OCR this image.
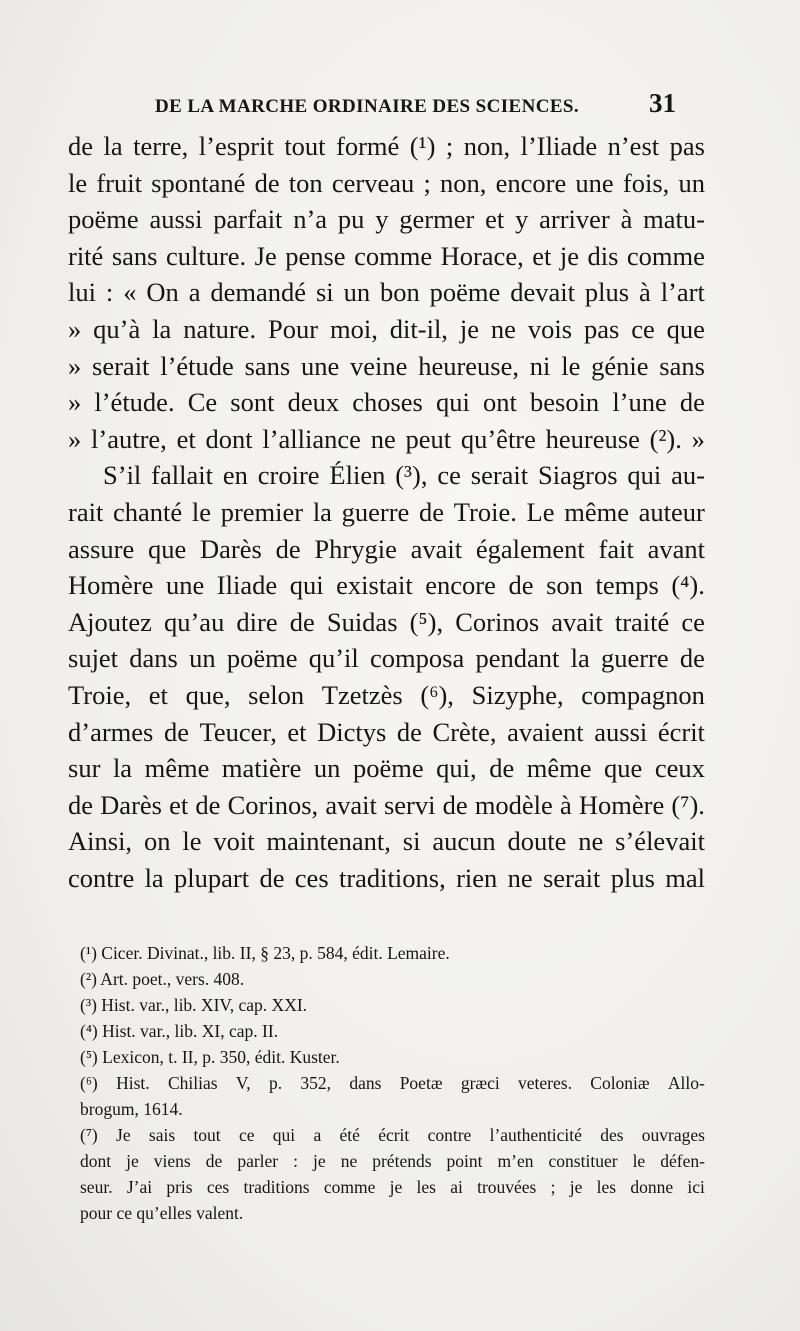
DE LA MARCHE ORDINAIRE DES SCIENCES.	31
de la terre, l’esprit tout formé (¹) ; non, l’Iliade n’est pas
le fruit spontané de ton cerveau ; non, encore une fois, un
poëme aussi parfait n’a pu y germer et y arriver à matu-
rité sans culture. Je pense comme Horace, et je dis comme
lui : « On a demandé si un bon poëme devait plus à l’art
» qu’à la nature. Pour moi, dit-il, je ne vois pas ce que
» serait l’étude sans une veine heureuse, ni le génie sans
» l’étude. Ce sont deux choses qui ont besoin l’une de
» l’autre, et dont l’alliance ne peut qu’être heureuse (²). »
S’il fallait en croire Élien (³), ce serait Siagros qui au-
rait chanté le premier la guerre de Troie. Le même auteur
assure que Darès de Phrygie avait également fait avant
Homère une Iliade qui existait encore de son temps (⁴).
Ajoutez qu’au dire de Suidas (⁵), Corinos avait traité ce
sujet dans un poëme qu’il composa pendant la guerre de
Troie, et que, selon Tzetzès (⁶), Sizyphe, compagnon
d’armes de Teucer, et Dictys de Crète, avaient aussi écrit
sur la même matière un poëme qui, de même que ceux
de Darès et de Corinos, avait servi de modèle à Homère (⁷).
Ainsi, on le voit maintenant, si aucun doute ne s’élevait
contre la plupart de ces traditions, rien ne serait plus mal
(¹) Cicer. Divinat., lib. II, § 23, p. 584, édit. Lemaire.
(²) Art. poet., vers. 408.
(³) Hist. var., lib. XIV, cap. XXI.
(⁴) Hist. var., lib. XI, cap. II.
(⁵) Lexicon, t. II, p. 350, édit. Kuster.
(⁶) Hist. Chilias V, p. 352, dans Poetæ græci veteres. Coloniæ Allo-
brogum, 1614.
(⁷) Je sais tout ce qui a été écrit contre l’authenticité des ouvrages
dont je viens de parler : je ne prétends point m’en constituer le défen-
seur. J’ai pris ces traditions comme je les ai trouvées ; je les donne ici
pour ce qu’elles valent.
